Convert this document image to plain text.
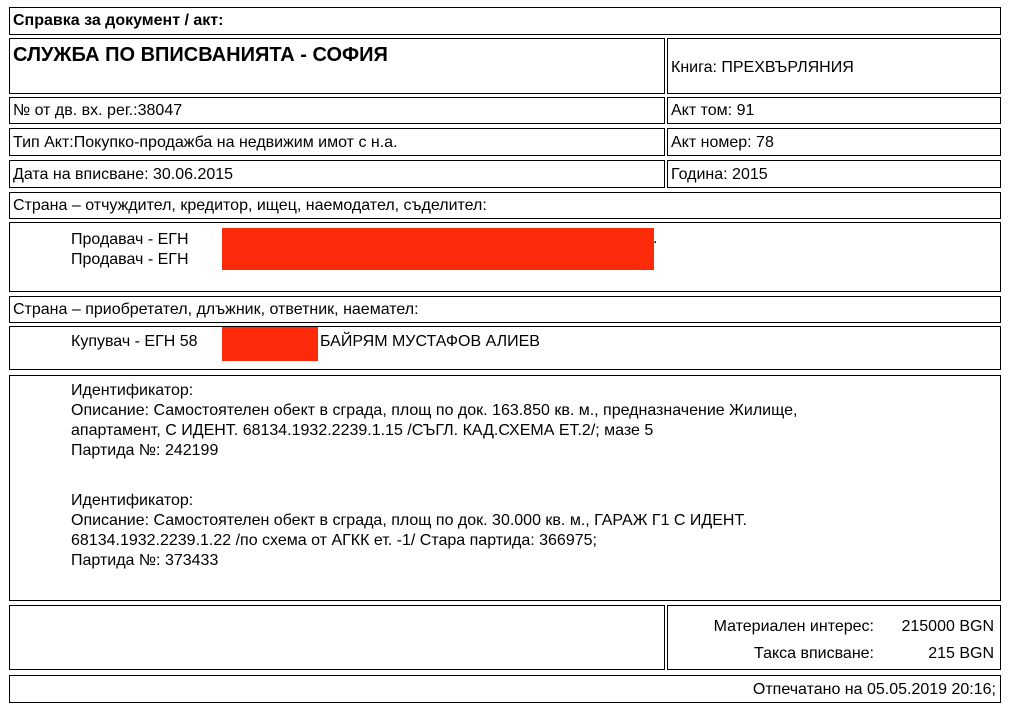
Справка за документ / акт:
СЛУЖБА ПО ВПИСВАНИЯТА - СОФИЯ
Книга: ПРЕХВЪРЛЯНИЯ
№ от дв. вх. рег.:38047	Акт том: 91
Тип Акт:Покупко-продажба на недвижим имот с н.а.	Акт номер: 78
Дата на вписване: 30.06.2015	Година: 2015
Страна – отчуждител, кредитор, ищец, наемодател, съделител:
Продавач - ЕГН
Продавач - ЕГН
.
Страна – приобретател, длъжник, ответник, наемател:
Купувач - ЕГН 58	БАЙРЯМ МУСТАФОВ АЛИЕВ
Идентификатор:
Описание: Самостоятелен обект в сграда, площ по док. 163.850 кв. м., предназначение Жилище,
апартамент, С ИДЕНТ. 68134.1932.2239.1.15 /СЪГЛ. КАД.СХЕМА ЕТ.2/; мазе 5
Партида №: 242199
Идентификатор:
Описание: Самостоятелен обект в сграда, площ по док. 30.000 кв. м., ГАРАЖ Г1 С ИДЕНТ.
68134.1932.2239.1.22 /по схема от АГКК ет. -1/ Стара партида: 366975;
Партида №: 373433
Материален интерес: 215000 BGN
Такса вписване:	215 BGN
Отпечатано на 05.05.2019 20:16;
